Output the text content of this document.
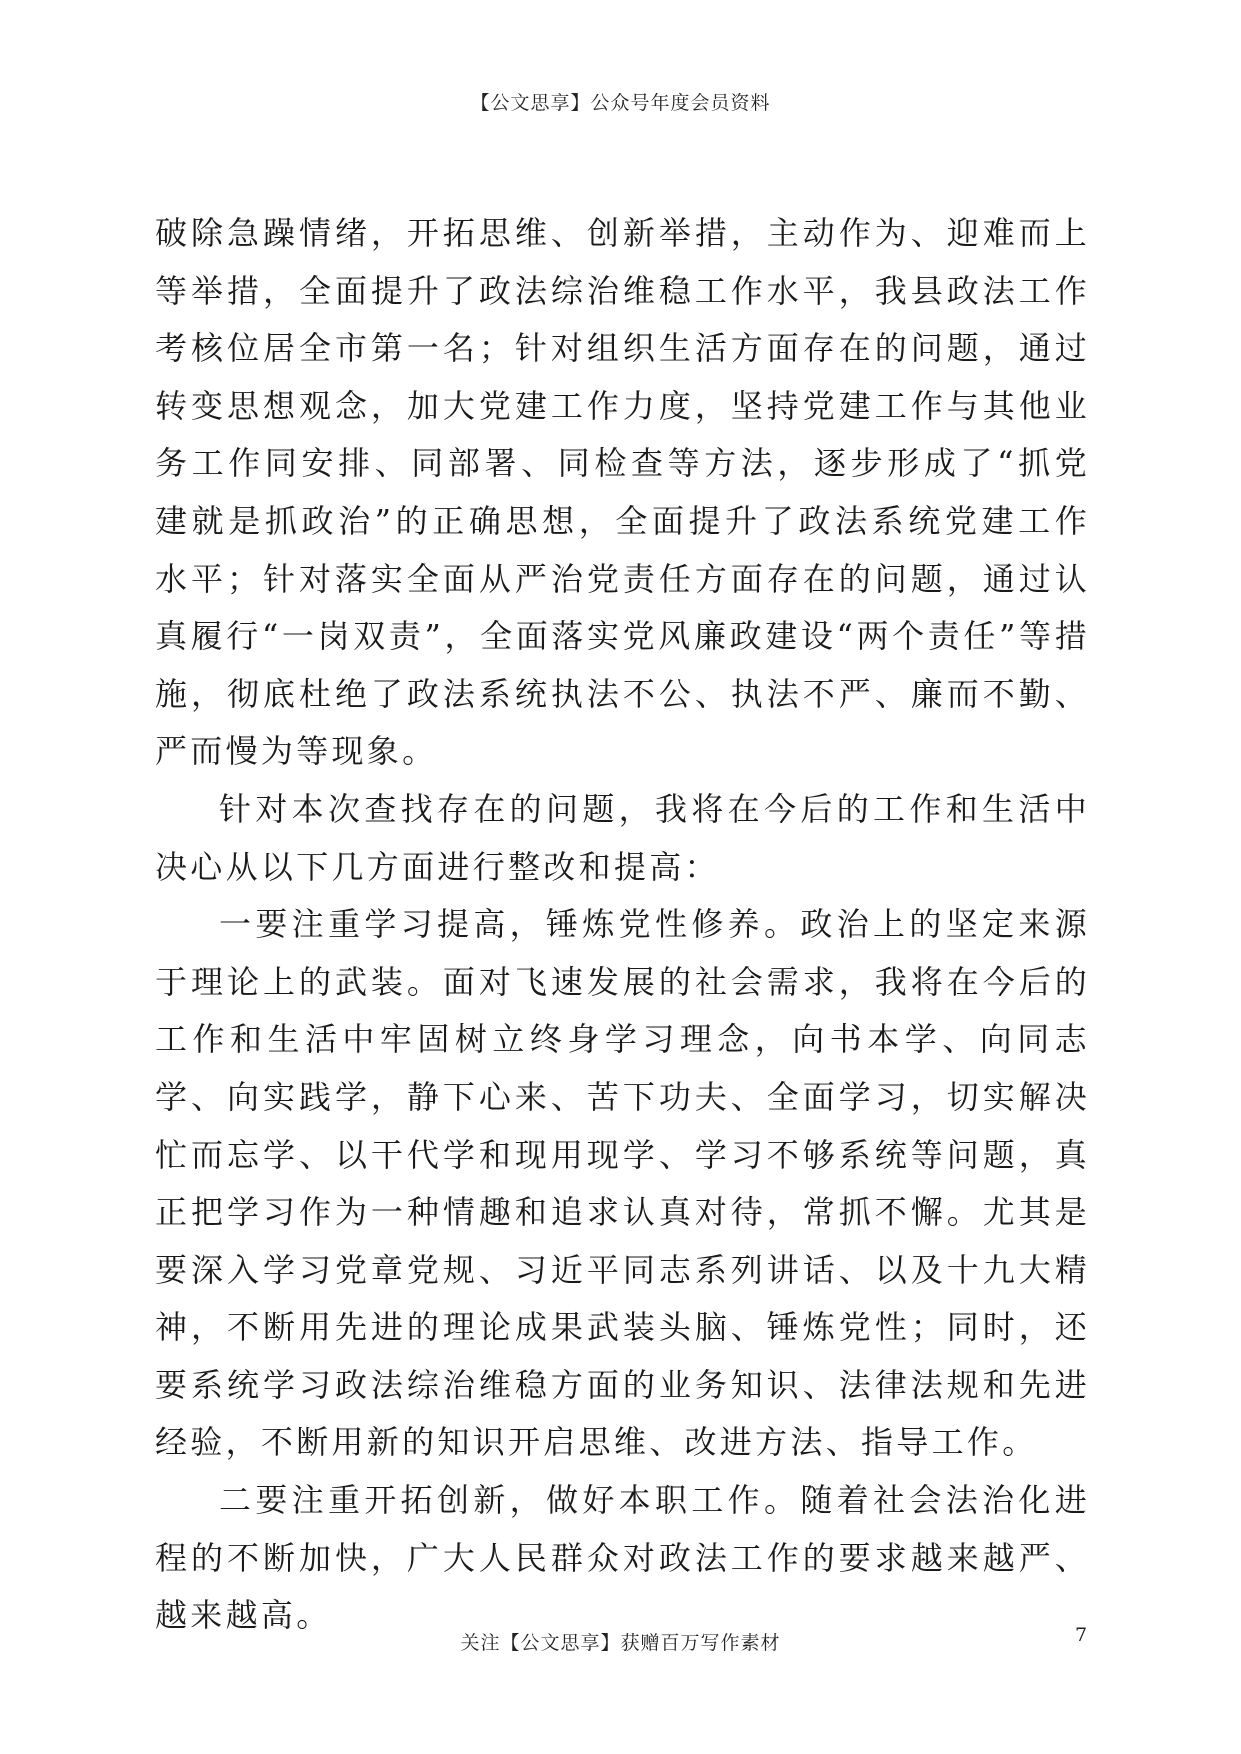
【公文思享】公众号年度会员资料

破除急躁情绪，开拓思维、创新举措，主动作为、迎难而上等举措，全面提升了政法综治维稳工作水平，我县政法工作考核位居全市第一名；针对组织生活方面存在的问题，通过转变思想观念，加大党建工作力度，坚持党建工作与其他业务工作同安排、同部署、同检查等方法，逐步形成了“抓党建就是抓政治”的正确思想，全面提升了政法系统党建工作水平；针对落实全面从严治党责任方面存在的问题，通过认真履行“一岗双责”，全面落实党风廉政建设“两个责任”等措施，彻底杜绝了政法系统执法不公、执法不严、廉而不勤、严而慢为等现象。

针对本次查找存在的问题，我将在今后的工作和生活中决心从以下几方面进行整改和提高：

一要注重学习提高，锤炼党性修养。政治上的坚定来源于理论上的武装。面对飞速发展的社会需求，我将在今后的工作和生活中牢固树立终身学习理念，向书本学、向同志学、向实践学，静下心来、苦下功夫、全面学习，切实解决忙而忘学、以干代学和现用现学、学习不够系统等问题，真正把学习作为一种情趣和追求认真对待，常抓不懈。尤其是要深入学习党章党规、习近平同志系列讲话、以及十九大精神，不断用先进的理论成果武装头脑、锤炼党性；同时，还要系统学习政法综治维稳方面的业务知识、法律法规和先进经验，不断用新的知识开启思维、改进方法、指导工作。

二要注重开拓创新，做好本职工作。随着社会法治化进程的不断加快，广大人民群众对政法工作的要求越来越严、越来越高。

关注【公文思享】获赠百万写作素材	7
